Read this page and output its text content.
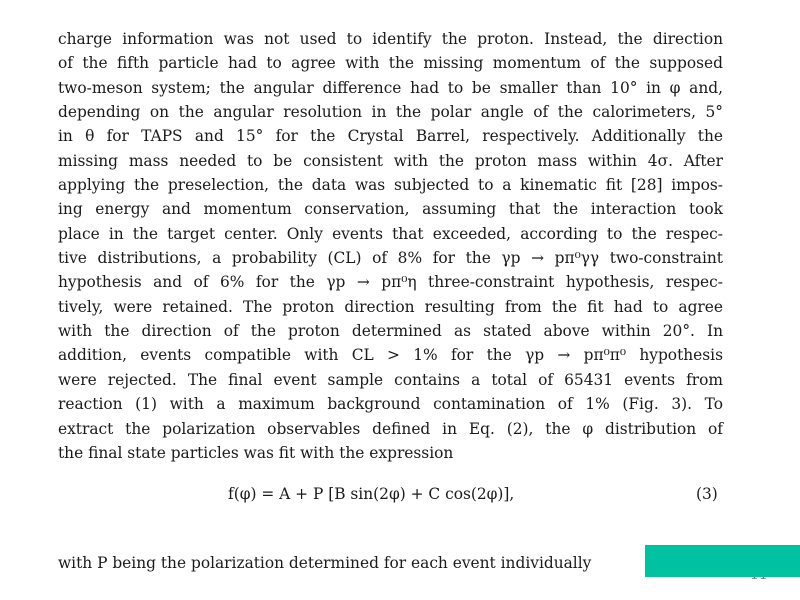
charge information was not used to identify the proton. Instead, the direction
of the fifth particle had to agree with the missing momentum of the supposed
two-meson system; the angular difference had to be smaller than 10° in φ and,
depending on the angular resolution in the polar angle of the calorimeters, 5°
in θ for TAPS and 15° for the Crystal Barrel, respectively. Additionally the
missing mass needed to be consistent with the proton mass within 4σ. After
applying the preselection, the data was subjected to a kinematic fit [28] impos-
ing energy and momentum conservation, assuming that the interaction took
place in the target center. Only events that exceeded, according to the respec-
tive distributions, a probability (CL) of 8% for the γp → pπ⁰γγ two-constraint
hypothesis and of 6% for the γp → pπ⁰η three-constraint hypothesis, respec-
tively, were retained. The proton direction resulting from the fit had to agree
with the direction of the proton determined as stated above within 20°. In
addition, events compatible with CL > 1% for the γp → pπ⁰π⁰ hypothesis
were rejected. The final event sample contains a total of 65431 events from
reaction (1) with a maximum background contamination of 1% (Fig. 3). To
extract the polarization observables defined in Eq. (2), the φ distribution of
the final state particles was fit with the expression
f(φ) = A + P [B sin(2φ) + C cos(2φ)],	(3)
with P being the polarization determined for each event individually
